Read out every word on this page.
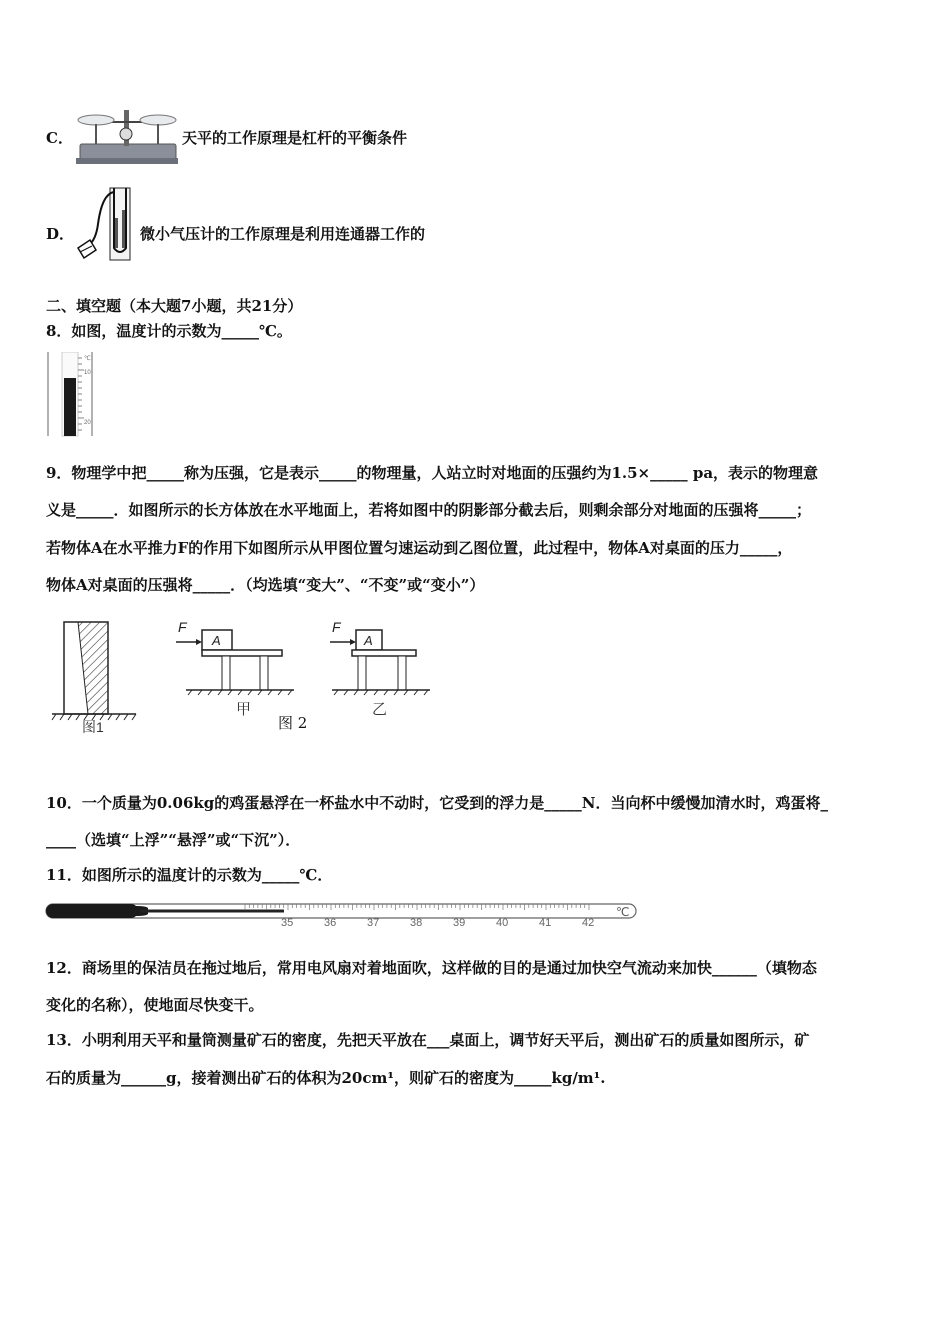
C．	天平的工作原理是杠杆的平衡条件
D．	微小气压计的工作原理是利用连通器工作的
二、填空题（本大题7小题，共21分）
8．如图，温度计的示数为_____℃。
℃
10
20
9．物理学中把_____称为压强，它是表示_____的物理量，人站立时对地面的压强约为1.5×_____ pa，表示的物理意
义是_____．如图所示的长方体放在水平地面上，若将如图中的阴影部分截去后，则剩余部分对地面的压强将_____；
若物体A在水平推力F的作用下如图所示从甲图位置匀速运动到乙图位置，此过程中，物体A对桌面的压力_____，
物体A对桌面的压强将_____．（均选填“变大”、“不变”或“变小”）
图1
F
A
甲
图 2
F
A
乙
10．一个质量为0.06kg的鸡蛋悬浮在一杯盐水中不动时，它受到的浮力是_____N．当向杯中缓慢加清水时，鸡蛋将_
____（选填“上浮”“悬浮”或“下沉”）．
11．如图所示的温度计的示数为_____℃．
35	36	37	38	39	40	41	42
℃
12．商场里的保洁员在拖过地后，常用电风扇对着地面吹，这样做的目的是通过加快空气流动来加快______（填物态
变化的名称），使地面尽快变干。
13．小明利用天平和量筒测量矿石的密度，先把天平放在___桌面上，调节好天平后，测出矿石的质量如图所示，矿
石的质量为______g，接着测出矿石的体积为20cm¹，则矿石的密度为_____kg/m¹.
